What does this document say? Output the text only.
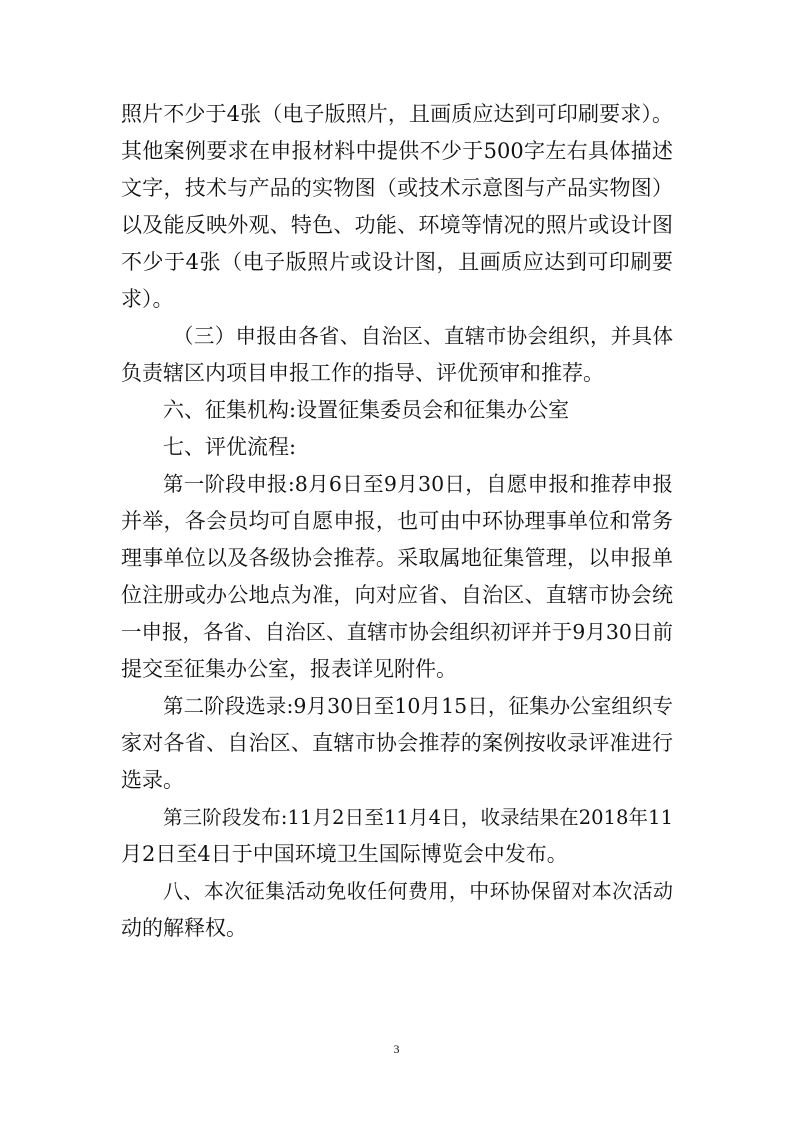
照片不少于4张（电子版照片，且画质应达到可印刷要求）。
其他案例要求在申报材料中提供不少于500字左右具体描述
文字，技术与产品的实物图（或技术示意图与产品实物图）
以及能反映外观、特色、功能、环境等情况的照片或设计图
不少于4张（电子版照片或设计图，且画质应达到可印刷要
求）。
（三）申报由各省、自治区、直辖市协会组织，并具体
负责辖区内项目申报工作的指导、评优预审和推荐。
六、征集机构:设置征集委员会和征集办公室
七、评优流程:
第一阶段申报:8月6日至9月30日，自愿申报和推荐申报
并举，各会员均可自愿申报，也可由中环协理事单位和常务
理事单位以及各级协会推荐。采取属地征集管理，以申报单
位注册或办公地点为准，向对应省、自治区、直辖市协会统
一申报，各省、自治区、直辖市协会组织初评并于9月30日前
提交至征集办公室，报表详见附件。
第二阶段选录:9月30日至10月15日，征集办公室组织专
家对各省、自治区、直辖市协会推荐的案例按收录评准进行
选录。
第三阶段发布:11月2日至11月4日，收录结果在2018年11
月2日至4日于中国环境卫生国际博览会中发布。
八、本次征集活动免收任何费用，中环协保留对本次活动
动的解释权。
3
